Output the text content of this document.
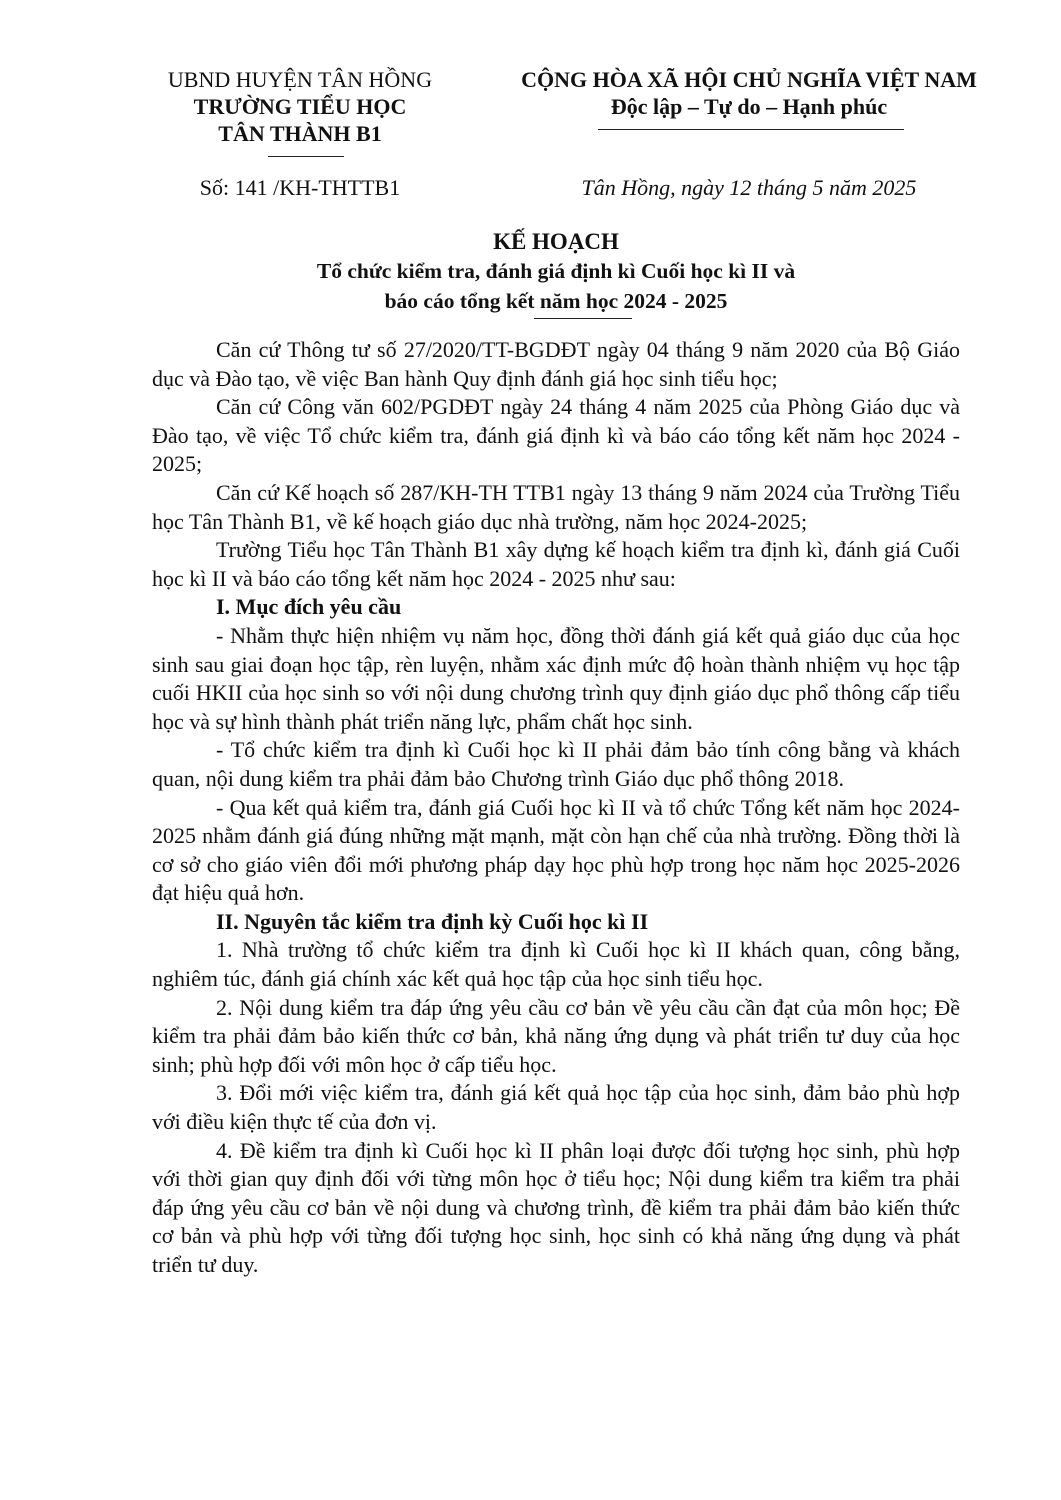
UBND HUYỆN TÂN HỒNG
TRƯỜNG TIỂU HỌC
TÂN THÀNH B1
CỘNG HÒA XÃ HỘI CHỦ NGHĨA VIỆT NAM
Độc lập – Tự do – Hạnh phúc
Số: 141 /KH-THTTB1	Tân Hồng, ngày 12 tháng 5 năm 2025
KẾ HOẠCH
Tổ chức kiểm tra, đánh giá định kì Cuối học kì II và
báo cáo tổng kết năm học 2024 - 2025

Căn cứ Thông tư số 27/2020/TT-BGDĐT ngày 04 tháng 9 năm 2020 của Bộ Giáo dục và Đào tạo, về việc Ban hành Quy định đánh giá học sinh tiểu học;

Căn cứ Công văn 602/PGDĐT ngày 24 tháng 4 năm 2025 của Phòng Giáo dục và Đào tạo, về việc Tổ chức kiểm tra, đánh giá định kì và báo cáo tổng kết năm học 2024 - 2025;

Căn cứ Kế hoạch số 287/KH-TH TTB1 ngày 13 tháng 9 năm 2024 của Trường Tiểu học Tân Thành B1, về kế hoạch giáo dục nhà trường, năm học 2024-2025;

Trường Tiểu học Tân Thành B1 xây dựng kế hoạch kiểm tra định kì, đánh giá Cuối học kì II và báo cáo tổng kết năm học 2024 - 2025 như sau:

I. Mục đích yêu cầu

- Nhằm thực hiện nhiệm vụ năm học, đồng thời đánh giá kết quả giáo dục của học sinh sau giai đoạn học tập, rèn luyện, nhằm xác định mức độ hoàn thành nhiệm vụ học tập cuối HKII của học sinh so với nội dung chương trình quy định giáo dục phổ thông cấp tiểu học và sự hình thành phát triển năng lực, phẩm chất học sinh.

- Tổ chức kiểm tra định kì Cuối học kì II phải đảm bảo tính công bằng và khách quan, nội dung kiểm tra phải đảm bảo Chương trình Giáo dục phổ thông 2018.

- Qua kết quả kiểm tra, đánh giá Cuối học kì II và tổ chức Tổng kết năm học 2024-2025 nhằm đánh giá đúng những mặt mạnh, mặt còn hạn chế của nhà trường. Đồng thời là cơ sở cho giáo viên đổi mới phương pháp dạy học phù hợp trong học năm học 2025-2026 đạt hiệu quả hơn.

II. Nguyên tắc kiểm tra định kỳ Cuối học kì II

1. Nhà trường tổ chức kiểm tra định kì Cuối học kì II khách quan, công bằng, nghiêm túc, đánh giá chính xác kết quả học tập của học sinh tiểu học.

2. Nội dung kiểm tra đáp ứng yêu cầu cơ bản về yêu cầu cần đạt của môn học; Đề kiểm tra phải đảm bảo kiến thức cơ bản, khả năng ứng dụng và phát triển tư duy của học sinh; phù hợp đối với môn học ở cấp tiểu học.

3. Đổi mới việc kiểm tra, đánh giá kết quả học tập của học sinh, đảm bảo phù hợp với điều kiện thực tế của đơn vị.

4. Đề kiểm tra định kì Cuối học kì II phân loại được đối tượng học sinh, phù hợp với thời gian quy định đối với từng môn học ở tiểu học; Nội dung kiểm tra kiểm tra phải đáp ứng yêu cầu cơ bản về nội dung và chương trình, đề kiểm tra phải đảm bảo kiến thức cơ bản và phù hợp với từng đối tượng học sinh, học sinh có khả năng ứng dụng và phát triển tư duy.
